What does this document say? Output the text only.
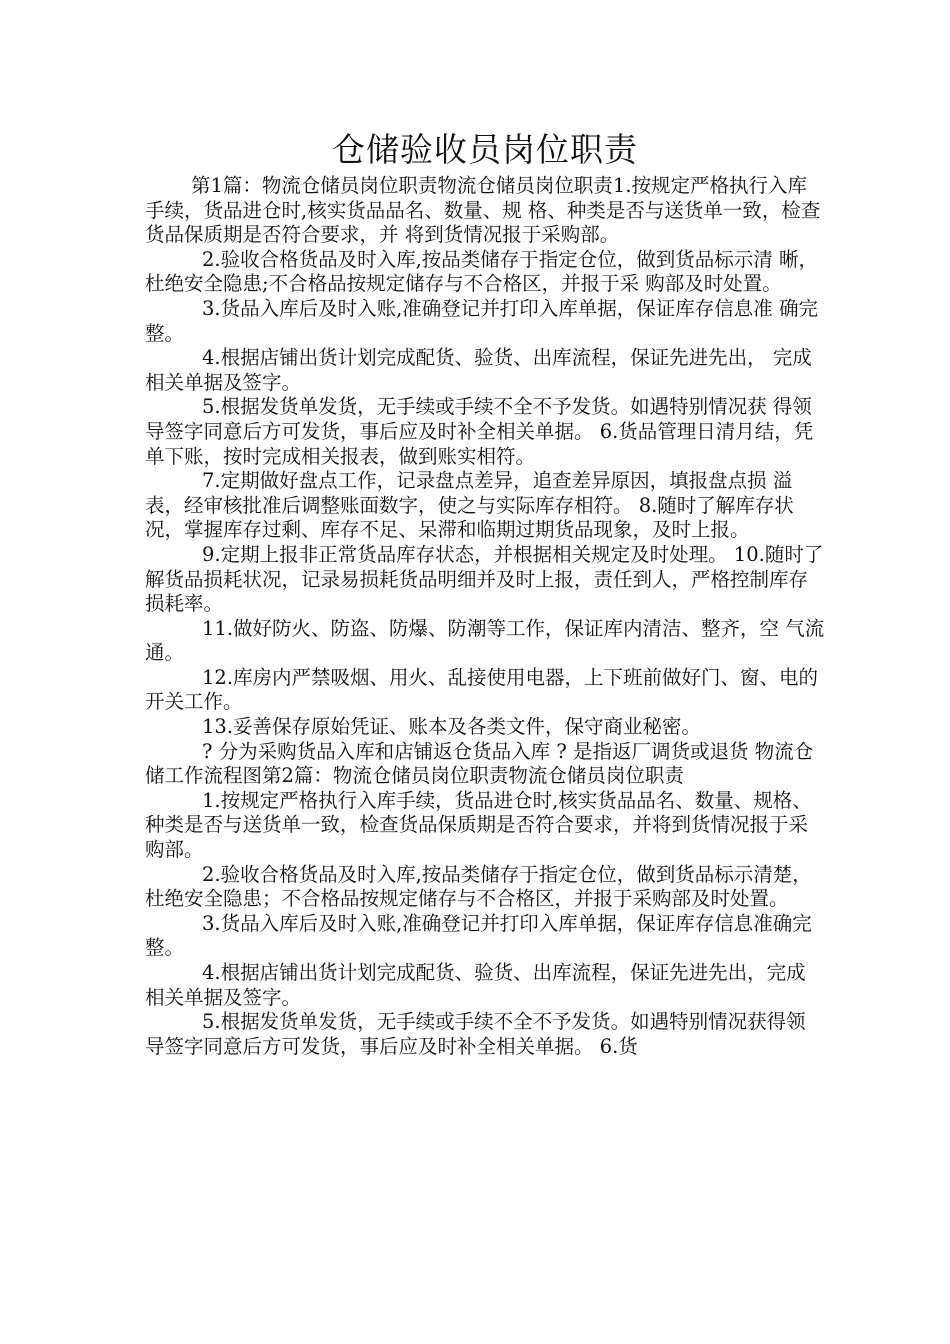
仓储验收员岗位职责

第1篇：物流仓储员岗位职责物流仓储员岗位职责1.按规定严格执行入库手续，货品进仓时,核实货品品名、数量、规 格、种类是否与送货单一致，检查货品保质期是否符合要求，并 将到货情况报于采购部。

2.验收合格货品及时入库,按品类储存于指定仓位，做到货品标示清 晰，杜绝安全隐患;不合格品按规定储存与不合格区，并报于采 购部及时处置。

3.货品入库后及时入账,准确登记并打印入库单据，保证库存信息准 确完整。

4.根据店铺出货计划完成配货、验货、出库流程，保证先进先出， 完成相关单据及签字。

5.根据发货单发货，无手续或手续不全不予发货。如遇特别情况获 得领导签字同意后方可发货，事后应及时补全相关单据。 6.货品管理日清月结，凭单下账，按时完成相关报表，做到账实相符。

7.定期做好盘点工作，记录盘点差异，追查差异原因，填报盘点损 溢表，经审核批准后调整账面数字，使之与实际库存相符。 8.随时了解库存状况，掌握库存过剩、库存不足、呆滞和临期过期货品现象，及时上报。

9.定期上报非正常货品库存状态，并根据相关规定及时处理。 10.随时了解货品损耗状况，记录易损耗货品明细并及时上报，责任到人，严格控制库存损耗率。

11.做好防火、防盗、防爆、防潮等工作，保证库内清洁、整齐，空 气流通。

12.库房内严禁吸烟、用火、乱接使用电器，上下班前做好门、窗、电的开关工作。

13.妥善保存原始凭证、账本及各类文件，保守商业秘密。

? 分为采购货品入库和店铺返仓货品入库 ? 是指返厂调货或退货 物流仓储工作流程图第2篇：物流仓储员岗位职责物流仓储员岗位职责

1.按规定严格执行入库手续，货品进仓时,核实货品品名、数量、规格、种类是否与送货单一致，检查货品保质期是否符合要求，并将到货情况报于采购部。

2.验收合格货品及时入库,按品类储存于指定仓位，做到货品标示清楚，杜绝安全隐患；不合格品按规定储存与不合格区，并报于采购部及时处置。

3.货品入库后及时入账,准确登记并打印入库单据，保证库存信息准确完整。

4.根据店铺出货计划完成配货、验货、出库流程，保证先进先出，完成相关单据及签字。

5.根据发货单发货，无手续或手续不全不予发货。如遇特别情况获得领导签字同意后方可发货，事后应及时补全相关单据。 6.货
